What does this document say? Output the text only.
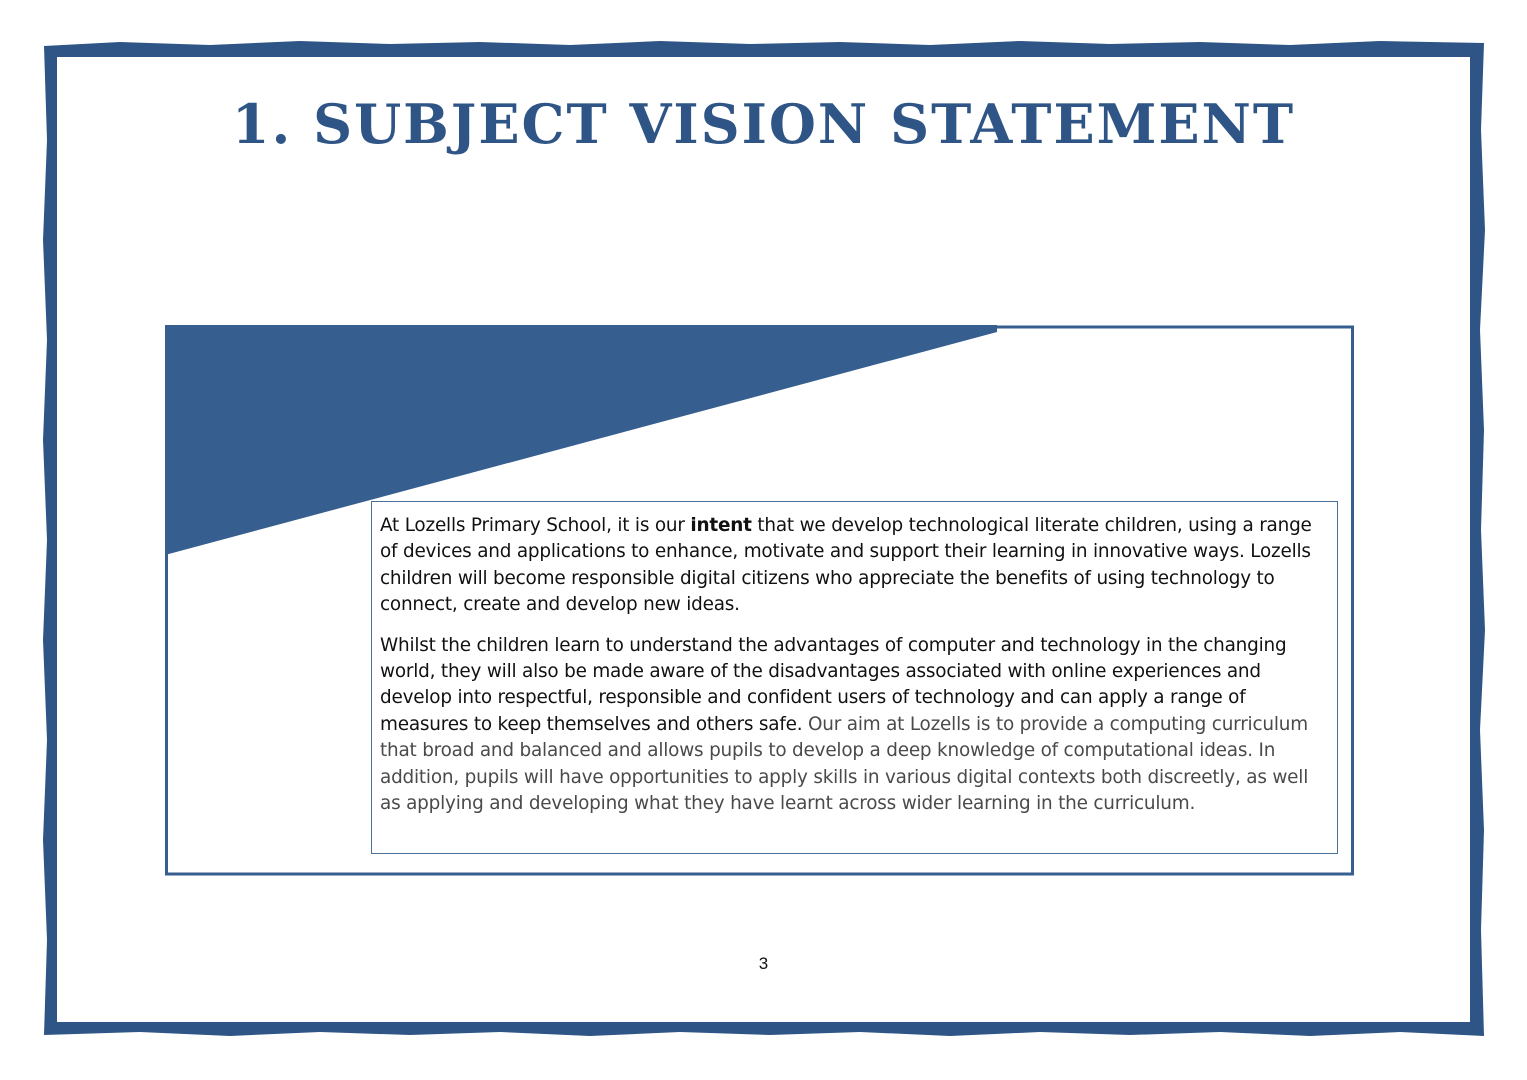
1. SUBJECT VISION STATEMENT

At Lozells Primary School, it is our intent that we develop technological literate children, using a range of devices and applications to enhance, motivate and support their learning in innovative ways. Lozells children will become responsible digital citizens who appreciate the benefits of using technology to connect, create and develop new ideas.

Whilst the children learn to understand the advantages of computer and technology in the changing world, they will also be made aware of the disadvantages associated with online experiences and develop into respectful, responsible and confident users of technology and can apply a range of measures to keep themselves and others safe. Our aim at Lozells is to provide a computing curriculum that broad and balanced and allows pupils to develop a deep knowledge of computational ideas. In addition, pupils will have opportunities to apply skills in various digital contexts both discreetly, as well as applying and developing what they have learnt across wider learning in the curriculum.

3
